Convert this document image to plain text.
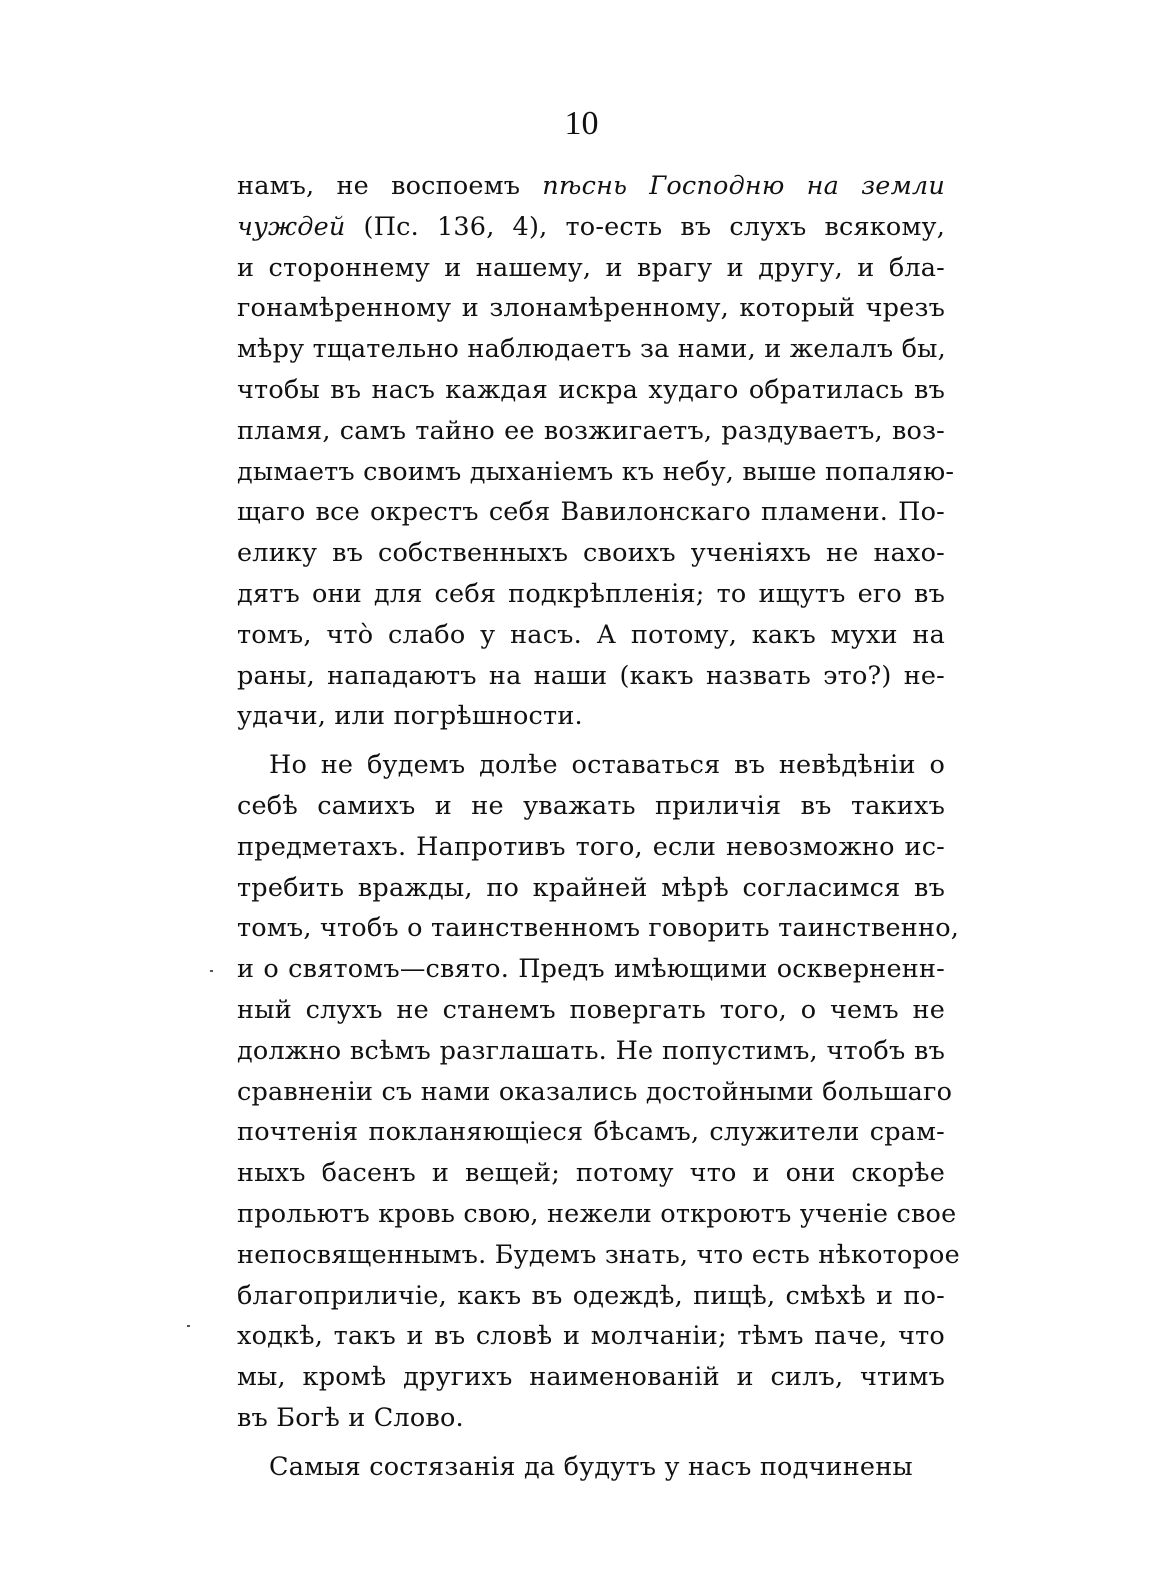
10
намъ, не воспоемъ пѣснь Господню на земли
чуждей (Пс. 136, 4), то-есть въ слухъ всякому,
и стороннему и нашему, и врагу и другу, и бла-
гонамѣренному и злонамѣренному, который чрезъ
мѣру тщательно наблюдаетъ за нами, и желалъ бы,
чтобы въ насъ каждая искра худаго обратилась въ
пламя, самъ тайно ее возжигаетъ, раздуваетъ, воз-
дымаетъ своимъ дыханіемъ къ небу, выше попаляю-
щаго все окрестъ себя Вавилонскаго пламени. По-
елику въ собственныхъ своихъ ученіяхъ не нахо-
дятъ они для себя подкрѣпленія; то ищутъ его въ
томъ, что̀ слабо у насъ. А потому, какъ мухи на
раны, нападаютъ на наши (какъ назвать это?) не-
удачи, или погрѣшности.
Но не будемъ долѣе оставаться въ невѣдѣніи о
себѣ самихъ и не уважать приличія въ такихъ
предметахъ. Напротивъ того, если невозможно ис-
требить вражды, по крайней мѣрѣ согласимся въ
томъ, чтобъ о таинственномъ говорить таинственно,
и о святомъ—свято. Предъ имѣющими оскверненн-
ный слухъ не станемъ повергать того, о чемъ не
должно всѣмъ разглашать. Не попустимъ, чтобъ въ
сравненіи съ нами оказались достойными большаго
почтенія покланяющіеся бѣсамъ, служители срам-
ныхъ басенъ и вещей; потому что и они скорѣе
прольютъ кровь свою, нежели откроютъ ученіе свое
непосвященнымъ. Будемъ знать, что есть нѣкоторое
благоприличіе, какъ въ одеждѣ, пищѣ, смѣхѣ и по-
ходкѣ, такъ и въ словѣ и молчаніи; тѣмъ паче, что
мы, кромѣ другихъ наименованій и силъ, чтимъ
въ Богѣ и Слово.
Самыя состязанія да будутъ у насъ подчинены
